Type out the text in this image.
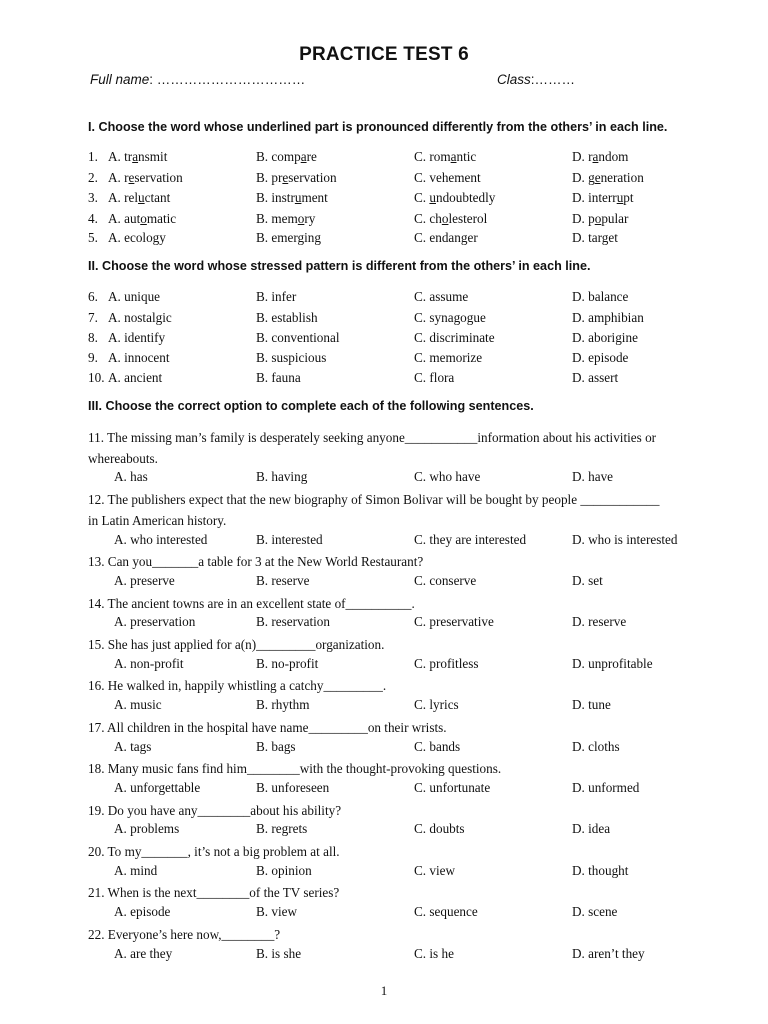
PRACTICE TEST 6
Full name: ……………………………	Class:………
I. Choose the word whose underlined part is pronounced differently from the others’ in each line.
1. A. transmit	B. compare	C. romantic	D. random
2. A. reservation	B. preservation	C. vehement	D. generation
3. A. reluctant	B. instrument	C. undoubtedly	D. interrupt
4. A. automatic	B. memory	C. cholesterol	D. popular
5. A. ecology	B. emerging	C. endanger	D. target
II. Choose the word whose stressed pattern is different from the others’ in each line.
6. A. unique	B. infer	C. assume	D. balance
7. A. nostalgic	B. establish	C. synagogue	D. amphibian
8. A. identify	B. conventional	C. discriminate	D. aborigine
9. A. innocent	B. suspicious	C. memorize	D. episode
10. A. ancient	B. fauna	C. flora	D. assert
III. Choose the correct option to complete each of the following sentences.
11. The missing man’s family is desperately seeking anyone___________information about his activities or
whereabouts.
A. has	B. having	C. who have	D. have
12. The publishers expect that the new biography of Simon Bolivar will be bought by people ____________
in Latin American history.
A. who interested	B. interested	C. they are interested	D. who is interested
13. Can you_______a table for 3 at the New World Restaurant?
A. preserve	B. reserve	C. conserve	D. set
14. The ancient towns are in an excellent state of__________.
A. preservation	B. reservation	C. preservative	D. reserve
15. She has just applied for a(n)_________organization.
A. non-profit	B. no-profit	C. profitless	D. unprofitable
16. He walked in, happily whistling a catchy_________.
A. music	B. rhythm	C. lyrics	D. tune
17. All children in the hospital have name_________on their wrists.
A. tags	B. bags	C. bands	D. cloths
18. Many music fans find him________with the thought-provoking questions.
A. unforgettable	B. unforeseen	C. unfortunate	D. unformed
19. Do you have any________about his ability?
A. problems	B. regrets	C. doubts	D. idea
20. To my_______, it’s not a big problem at all.
A. mind	B. opinion	C. view	D. thought
21. When is the next________of the TV series?
A. episode	B. view	C. sequence	D. scene
22. Everyone’s here now,________?
A. are they	B. is she	C. is he	D. aren’t they
1
